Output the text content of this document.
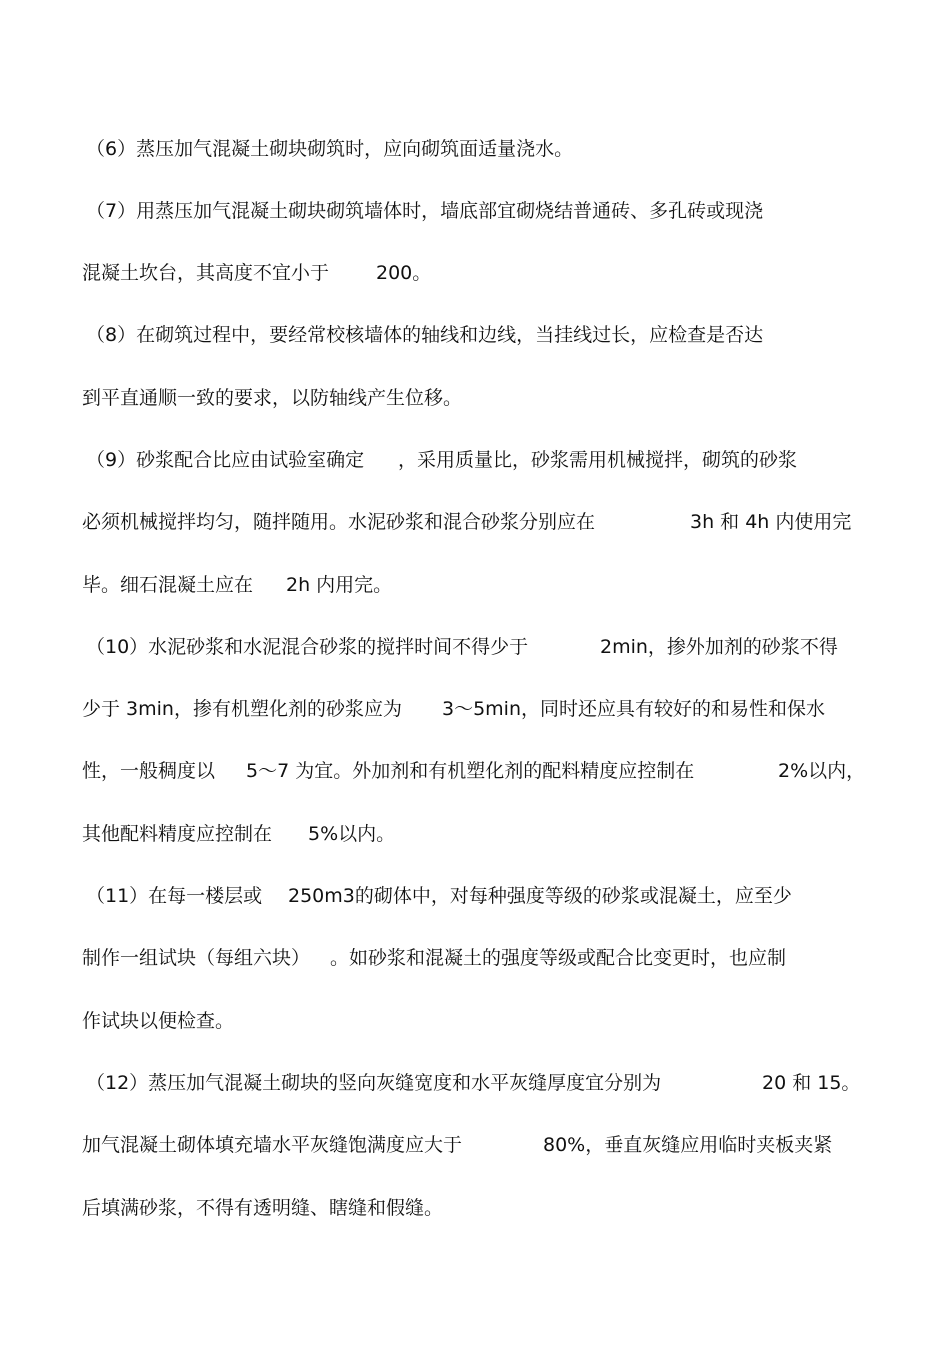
（6）蒸压加气混凝土砌块砌筑时，应向砌筑面适量浇水。
（7）用蒸压加气混凝土砌块砌筑墙体时，墙底部宜砌烧结普通砖、多孔砖或现浇
混凝土坎台，其高度不宜小于 200。
（8）在砌筑过程中，要经常校核墙体的轴线和边线，当挂线过长，应检查是否达
到平直通顺一致的要求，以防轴线产生位移。
（9）砂浆配合比应由试验室确定 ，采用质量比，砂浆需用机械搅拌，砌筑的砂浆
必须机械搅拌均匀，随拌随用。水泥砂浆和混合砂浆分别应在	3h 和 4h 内使用完
毕。细石混凝土应在 2h 内用完。
（10）水泥砂浆和水泥混合砂浆的搅拌时间不得少于	2min，掺外加剂的砂浆不得
少于 3min，掺有机塑化剂的砂浆应为 3～5min，同时还应具有较好的和易性和保水
性，一般稠度以 5～7 为宜。外加剂和有机塑化剂的配料精度应控制在	2%以内，
其他配料精度应控制在 5%以内。
（11）在每一楼层或 250m3的砌体中，对每种强度等级的砂浆或混凝土，应至少
制作一组试块（每组六块） 。如砂浆和混凝土的强度等级或配合比变更时，也应制
作试块以便检查。
（12）蒸压加气混凝土砌块的竖向灰缝宽度和水平灰缝厚度宜分别为	20 和 15。
加气混凝土砌体填充墙水平灰缝饱满度应大于	80%，垂直灰缝应用临时夹板夹紧
后填满砂浆，不得有透明缝、瞎缝和假缝。
